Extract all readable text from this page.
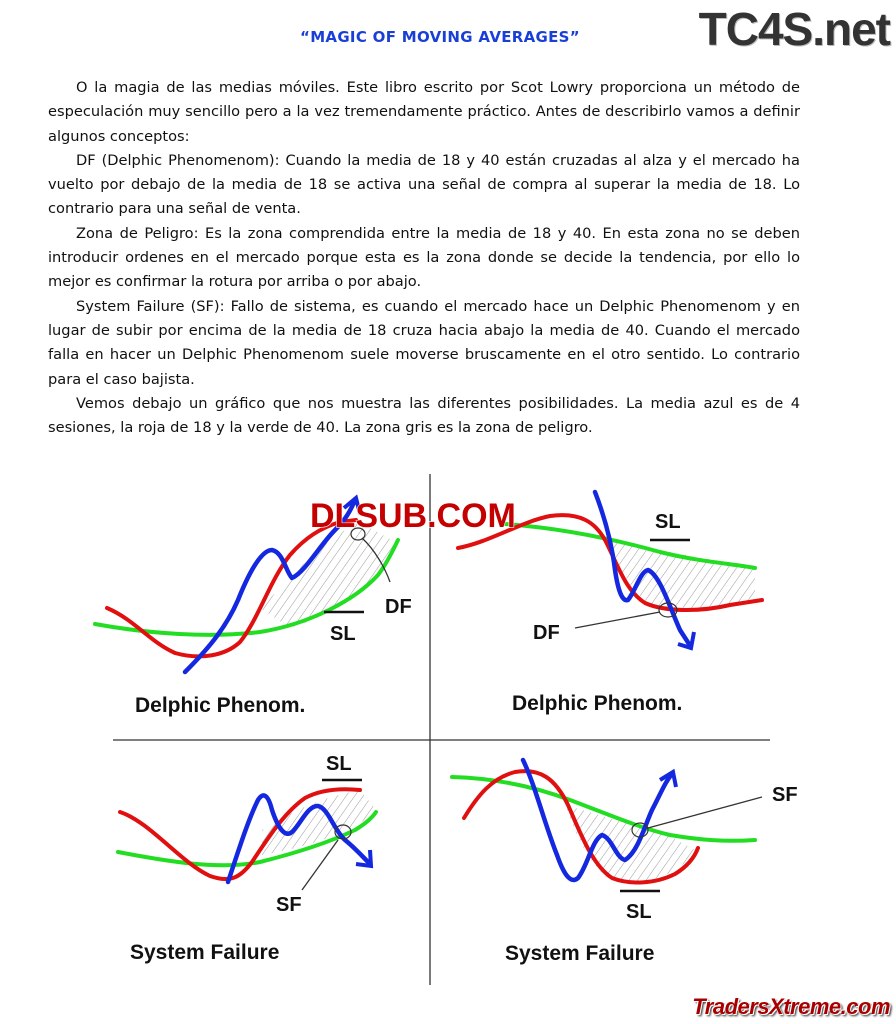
“MAGIC OF MOVING AVERAGES”	TC4S.net

O la magia de las medias móviles. Este libro escrito por Scot Lowry proporciona un método de especulación muy sencillo pero a la vez tremendamente práctico. Antes de describirlo vamos a definir algunos conceptos:

DF (Delphic Phenomenom): Cuando la media de 18 y 40 están cruzadas al alza y el mercado ha vuelto por debajo de la media de 18 se activa una señal de compra al superar la media de 18. Lo contrario para una señal de venta.

Zona de Peligro: Es la zona comprendida entre la media de 18 y 40. En esta zona no se deben introducir ordenes en el mercado porque esta es la zona donde se decide la tendencia, por ello lo mejor es confirmar la rotura por arriba o por abajo.

System Failure (SF): Fallo de sistema, es cuando el mercado hace un Delphic Phenomenom y en lugar de subir por encima de la media de 18 cruza hacia abajo la media de 40. Cuando el mercado falla en hacer un Delphic Phenomenom suele moverse bruscamente en el otro sentido. Lo contrario para el caso bajista.

Vemos debajo un gráfico que nos muestra las diferentes posibilidades. La media azul es de 4 sesiones, la roja de 18 y la verde de 40. La zona gris es la zona de peligro.

DF
SL
Delphic Phenom.
DF
SL
Delphic Phenom.
DLSUB.COM
SF
SL
System Failure
SF
SL
System Failure
TradersXtreme.com
